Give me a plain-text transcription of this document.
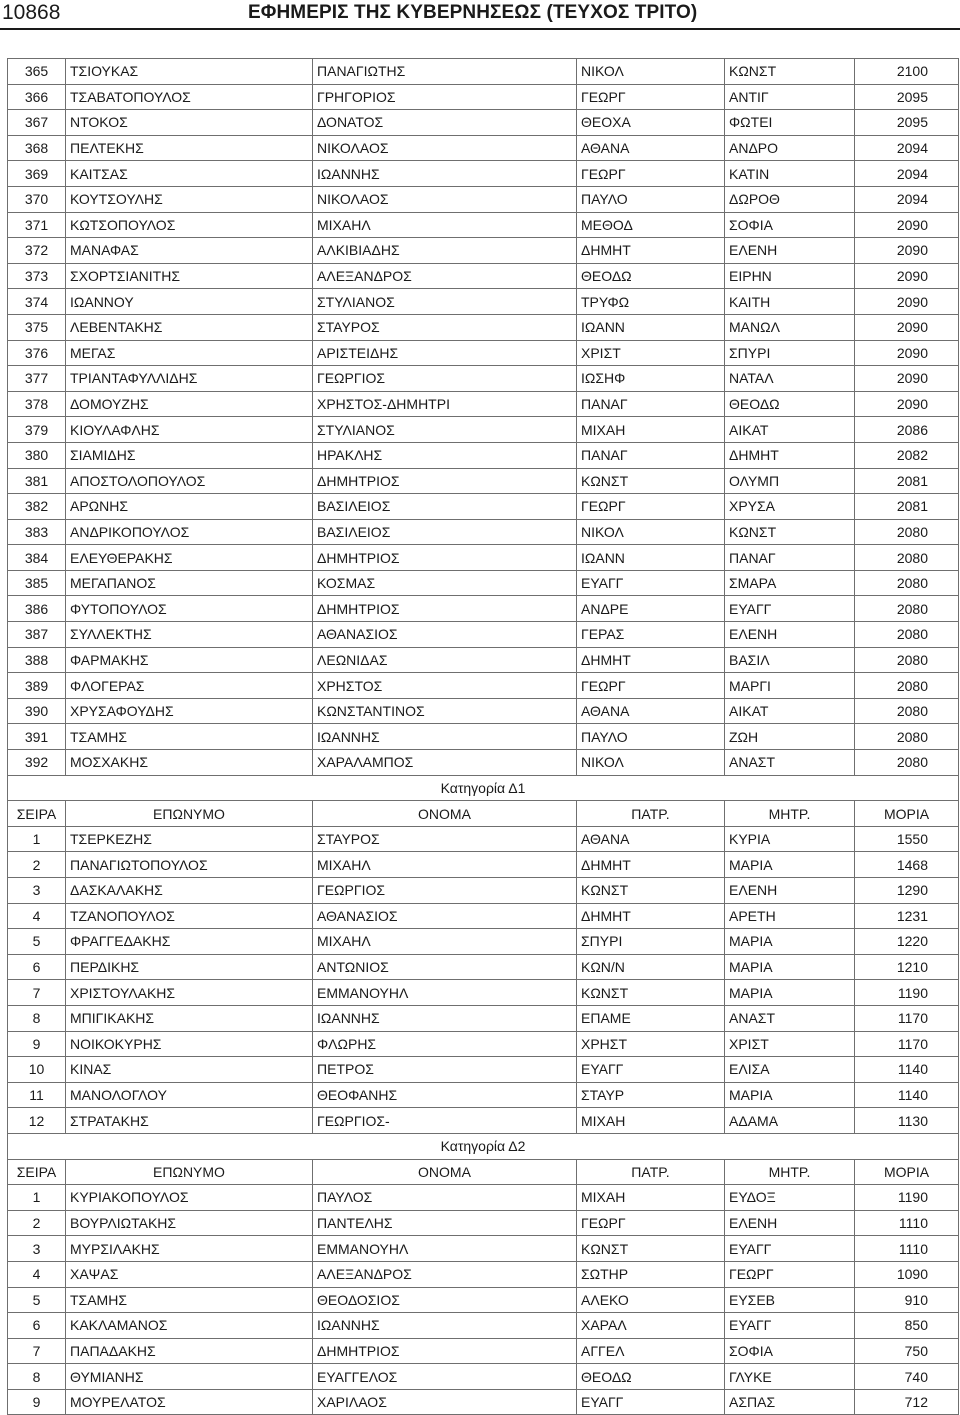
10868	ΕΦΗΜΕΡΙΣ ΤΗΣ ΚΥΒΕΡΝΗΣΕΩΣ (ΤΕΥΧΟΣ ΤΡΙΤΟ)
365	ΤΣΙΟΥΚΑΣ	ΠΑΝΑΓΙΩΤΗΣ	ΝΙΚΟΛ	ΚΩΝΣΤ	2100
366	ΤΣΑΒΑΤΟΠΟΥΛΟΣ	ΓΡΗΓΟΡΙΟΣ	ΓΕΩΡΓ	ΑΝΤΙΓ	2095
367	ΝΤΟΚΟΣ	ΔΟΝΑΤΟΣ	ΘΕΟΧΑ	ΦΩΤΕΙ	2095
368	ΠΕΛΤΕΚΗΣ	ΝΙΚΟΛΑΟΣ	ΑΘΑΝΑ	ΑΝΔΡΟ	2094
369	ΚΑΙΤΣΑΣ	ΙΩΑΝΝΗΣ	ΓΕΩΡΓ	ΚΑΤΙΝ	2094
370	ΚΟΥΤΣΟΥΛΗΣ	ΝΙΚΟΛΑΟΣ	ΠΑΥΛΟ	ΔΩΡΟΘ	2094
371	ΚΩΤΣΟΠΟΥΛΟΣ	ΜΙΧΑΗΛ	ΜΕΘΟΔ	ΣΟΦΙΑ	2090
372	ΜΑΝΑΦΑΣ	ΑΛΚΙΒΙΑΔΗΣ	ΔΗΜΗΤ	ΕΛΕΝΗ	2090
373	ΣΧΟΡΤΣΙΑΝΙΤΗΣ	ΑΛΕΞΑΝΔΡΟΣ	ΘΕΟΔΩ	ΕΙΡΗΝ	2090
374	ΙΩΑΝΝΟΥ	ΣΤΥΛΙΑΝΟΣ	ΤΡΥΦΩ	ΚΑΙΤΗ	2090
375	ΛΕΒΕΝΤΑΚΗΣ	ΣΤΑΥΡΟΣ	ΙΩΑΝΝ	ΜΑΝΩΛ	2090
376	ΜΕΓΑΣ	ΑΡΙΣΤΕΙΔΗΣ	ΧΡΙΣΤ	ΣΠΥΡΙ	2090
377	ΤΡΙΑΝΤΑΦΥΛΛΙΔΗΣ	ΓΕΩΡΓΙΟΣ	ΙΩΣΗΦ	ΝΑΤΑΛ	2090
378	ΔΟΜΟΥΖΗΣ	ΧΡΗΣΤΟΣ-ΔΗΜΗΤΡΙ	ΠΑΝΑΓ	ΘΕΟΔΩ	2090
379	ΚΙΟΥΛΑΦΛΗΣ	ΣΤΥΛΙΑΝΟΣ	ΜΙΧΑΗ	ΑΙΚΑΤ	2086
380	ΣΙΑΜΙΔΗΣ	ΗΡΑΚΛΗΣ	ΠΑΝΑΓ	ΔΗΜΗΤ	2082
381	ΑΠΟΣΤΟΛΟΠΟΥΛΟΣ	ΔΗΜΗΤΡΙΟΣ	ΚΩΝΣΤ	ΟΛΥΜΠ	2081
382	ΑΡΩΝΗΣ	ΒΑΣΙΛΕΙΟΣ	ΓΕΩΡΓ	ΧΡΥΣΑ	2081
383	ΑΝΔΡΙΚΟΠΟΥΛΟΣ	ΒΑΣΙΛΕΙΟΣ	ΝΙΚΟΛ	ΚΩΝΣΤ	2080
384	ΕΛΕΥΘΕΡΑΚΗΣ	ΔΗΜΗΤΡΙΟΣ	ΙΩΑΝΝ	ΠΑΝΑΓ	2080
385	ΜΕΓΑΠΑΝΟΣ	ΚΟΣΜΑΣ	ΕΥΑΓΓ	ΣΜΑΡΑ	2080
386	ΦΥΤΟΠΟΥΛΟΣ	ΔΗΜΗΤΡΙΟΣ	ΑΝΔΡΕ	ΕΥΑΓΓ	2080
387	ΣΥΛΛΕΚΤΗΣ	ΑΘΑΝΑΣΙΟΣ	ΓΕΡΑΣ	ΕΛΕΝΗ	2080
388	ΦΑΡΜΑΚΗΣ	ΛΕΩΝΙΔΑΣ	ΔΗΜΗΤ	ΒΑΣΙΛ	2080
389	ΦΛΟΓΕΡΑΣ	ΧΡΗΣΤΟΣ	ΓΕΩΡΓ	ΜΑΡΓΙ	2080
390	ΧΡΥΣΑΦΟΥΔΗΣ	ΚΩΝΣΤΑΝΤΙΝΟΣ	ΑΘΑΝΑ	ΑΙΚΑΤ	2080
391	ΤΣΑΜΗΣ	ΙΩΑΝΝΗΣ	ΠΑΥΛΟ	ΖΩΗ	2080
392	ΜΟΣΧΑΚΗΣ	ΧΑΡΑΛΑΜΠΟΣ	ΝΙΚΟΛ	ΑΝΑΣΤ	2080
Κατηγορία Δ1					
ΣΕΙΡΑ	ΕΠΩΝΥΜΟ	ΟΝΟΜΑ	ΠΑΤΡ.	ΜΗΤΡ.	ΜΟΡΙΑ
1	ΤΣΕΡΚΕΖΗΣ	ΣΤΑΥΡΟΣ	ΑΘΑΝΑ	ΚΥΡΙΑ	1550
2	ΠΑΝΑΓΙΩΤΟΠΟΥΛΟΣ	ΜΙΧΑΗΛ	ΔΗΜΗΤ	ΜΑΡΙΑ	1468
3	ΔΑΣΚΑΛΑΚΗΣ	ΓΕΩΡΓΙΟΣ	ΚΩΝΣΤ	ΕΛΕΝΗ	1290
4	ΤΖΑΝΟΠΟΥΛΟΣ	ΑΘΑΝΑΣΙΟΣ	ΔΗΜΗΤ	ΑΡΕΤΗ	1231
5	ΦΡΑΓΓΕΔΑΚΗΣ	ΜΙΧΑΗΛ	ΣΠΥΡΙ	ΜΑΡΙΑ	1220
6	ΠΕΡΔΙΚΗΣ	ΑΝΤΩΝΙΟΣ	ΚΩΝ/Ν	ΜΑΡΙΑ	1210
7	ΧΡΙΣΤΟΥΛΑΚΗΣ	ΕΜΜΑΝΟΥΗΛ	ΚΩΝΣΤ	ΜΑΡΙΑ	1190
8	ΜΠΙΓΙΚΑΚΗΣ	ΙΩΑΝΝΗΣ	ΕΠΑΜΕ	ΑΝΑΣΤ	1170
9	ΝΟΙΚΟΚΥΡΗΣ	ΦΛΩΡΗΣ	ΧΡΗΣΤ	ΧΡΙΣΤ	1170
10	ΚΙΝΑΣ	ΠΕΤΡΟΣ	ΕΥΑΓΓ	ΕΛΙΣΑ	1140
11	ΜΑΝΟΛΟΓΛΟΥ	ΘΕΟΦΑΝΗΣ	ΣΤΑΥΡ	ΜΑΡΙΑ	1140
12	ΣΤΡΑΤΑΚΗΣ	ΓΕΩΡΓΙΟΣ-	ΜΙΧΑΗ	ΑΔΑΜΑ	1130
Κατηγορία Δ2					
ΣΕΙΡΑ	ΕΠΩΝΥΜΟ	ΟΝΟΜΑ	ΠΑΤΡ.	ΜΗΤΡ.	ΜΟΡΙΑ
1	ΚΥΡΙΑΚΟΠΟΥΛΟΣ	ΠΑΥΛΟΣ	ΜΙΧΑΗ	ΕΥΔΟΞ	1190
2	ΒΟΥΡΛΙΩΤΑΚΗΣ	ΠΑΝΤΕΛΗΣ	ΓΕΩΡΓ	ΕΛΕΝΗ	1110
3	ΜΥΡΣΙΛΑΚΗΣ	ΕΜΜΑΝΟΥΗΛ	ΚΩΝΣΤ	ΕΥΑΓΓ	1110
4	ΧΑΨΑΣ	ΑΛΕΞΑΝΔΡΟΣ	ΣΩΤΗΡ	ΓΕΩΡΓ	1090
5	ΤΣΑΜΗΣ	ΘΕΟΔΟΣΙΟΣ	ΑΛΕΚΟ	ΕΥΣΕΒ	910
6	ΚΑΚΛΑΜΑΝΟΣ	ΙΩΑΝΝΗΣ	ΧΑΡΑΛ	ΕΥΑΓΓ	850
7	ΠΑΠΑΔΑΚΗΣ	ΔΗΜΗΤΡΙΟΣ	ΑΓΓΕΛ	ΣΟΦΙΑ	750
8	ΘΥΜΙΑΝΗΣ	ΕΥΑΓΓΕΛΟΣ	ΘΕΟΔΩ	ΓΛΥΚΕ	740
9	ΜΟΥΡΕΛΑΤΟΣ	ΧΑΡΙΛΑΟΣ	ΕΥΑΓΓ	ΑΣΠΑΣ	712
